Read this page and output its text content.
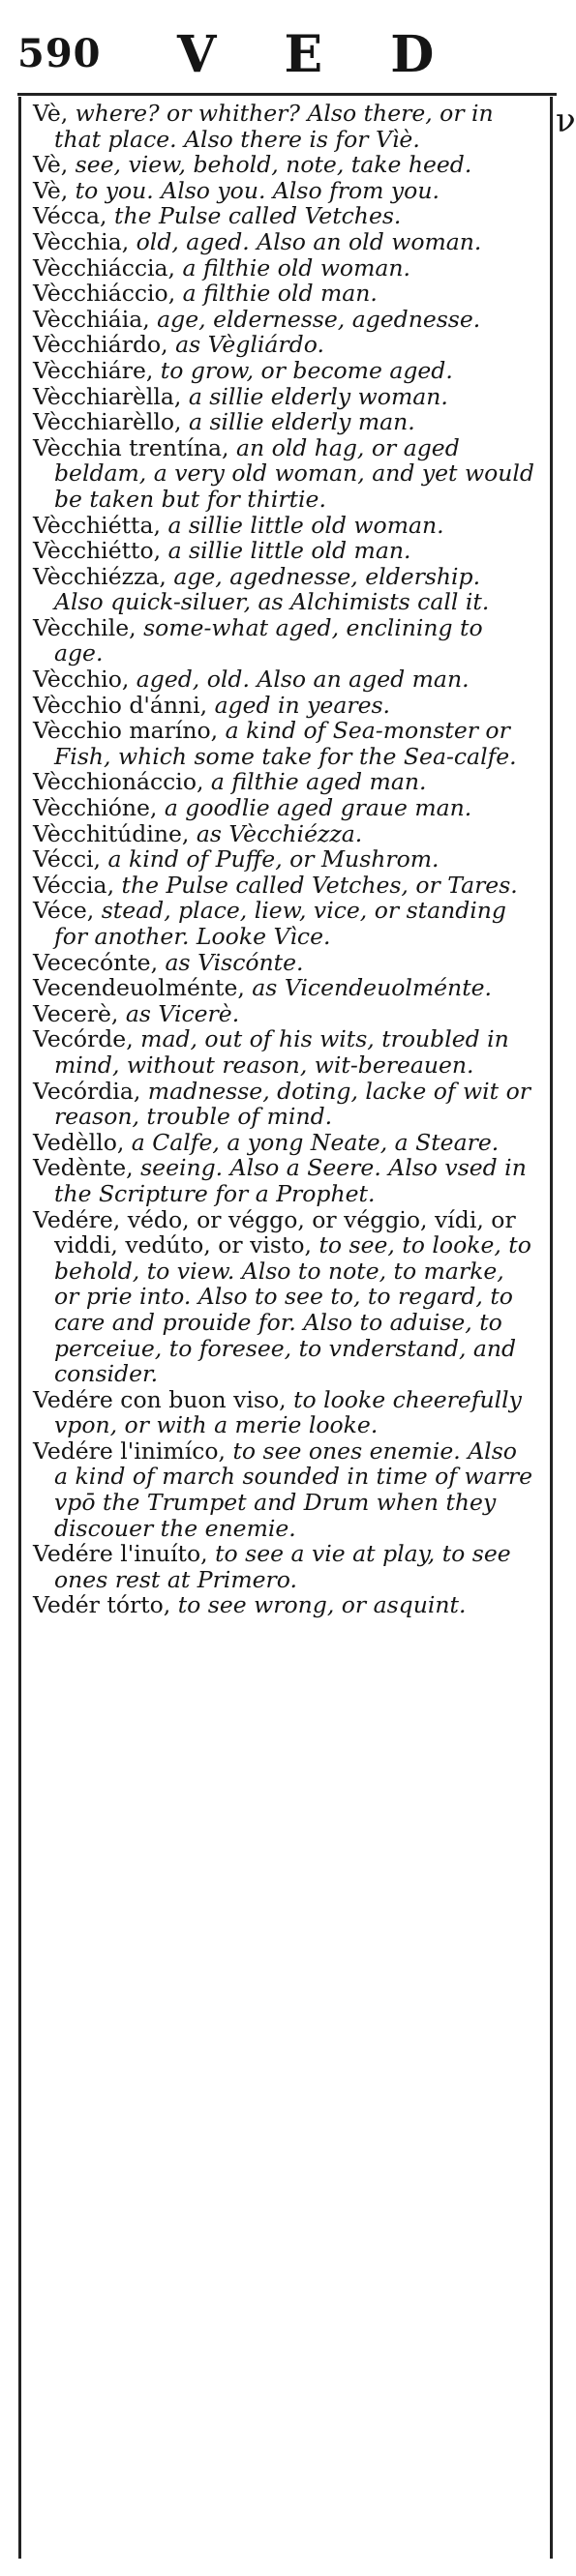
590 V E D
ν
Vè, where? or whither? Also there, or in that place. Also there is for Vìè.
Vè, see, view, behold, note, take heed.
Vè, to you. Also you. Also from you.
Vécca, the Pulse called Vetches.
Vècchia, old, aged. Also an old woman.
Vècchiáccia, a filthie old woman.
Vècchiáccio, a filthie old man.
Vècchiáia, age, eldernesse, agednesse.
Vècchiárdo, as Vègliárdo.
Vècchiáre, to grow, or become aged.
Vècchiarèlla, a sillie elderly woman.
Vècchiarèllo, a sillie elderly man.
Vècchia trentína, an old hag, or aged beldam, a very old woman, and yet would be taken but for thirtie.
Vècchiétta, a sillie little old woman.
Vècchiétto, a sillie little old man.
Vècchiézza, age, agednesse, eldership. Also quick-siluer, as Alchimists call it.
Vècchile, some-what aged, enclining to age.
Vècchio, aged, old. Also an aged man.
Vècchio d'ánni, aged in yeares.
Vècchio maríno, a kind of Sea-monster or Fish, which some take for the Sea-calfe.
Vècchionáccio, a filthie aged man.
Vècchióne, a goodlie aged graue man.
Vècchitúdine, as Vècchiézza.
Vécci, a kind of Puffe, or Mushrom.
Véccia, the Pulse called Vetches, or Tares.
Véce, stead, place, liew, vice, or standing for another. Looke Vìce.
Vececónte, as Viscónte.
Vecendeuolménte, as Vicendeuolménte.
Vecerè, as Vicerè.
Vecórde, mad, out of his wits, troubled in mind, without reason, wit-bereauen.
Vecórdia, madnesse, doting, lacke of wit or reason, trouble of mind.
Vedèllo, a Calfe, a yong Neate, a Steare.
Vedènte, seeing. Also a Seere. Also vsed in the Scripture for a Prophet.
Vedére, védo, or véggo, or véggio, vídi, or viddi, vedúto, or visto, to see, to looke, to behold, to view. Also to note, to marke, or prie into. Also to see to, to regard, to care and prouide for. Also to aduise, to perceiue, to foresee, to vnderstand, and consider.
Vedére con buon viso, to looke cheerefully vpon, or with a merie looke.
Vedére l'inimíco, to see ones enemie. Also a kind of march sounded in time of warre vpō the Trumpet and Drum when they discouer the enemie.
Vedére l'inuíto, to see a vie at play, to see ones rest at Primero.
Vedér tórto, to see wrong, or asquint.
